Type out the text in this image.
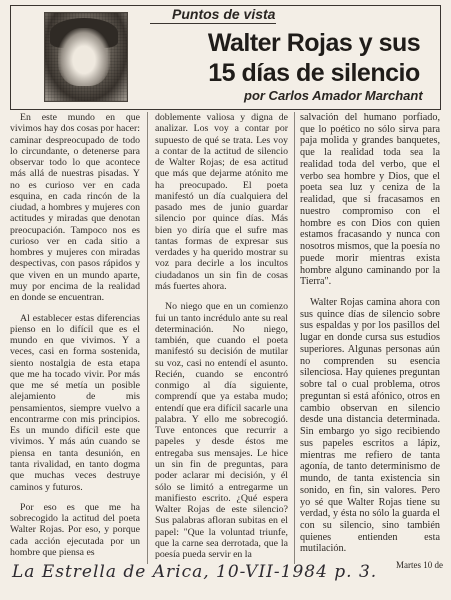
Puntos de vista
Walter Rojas y sus
15 días de silencio
por Carlos Amador Marchant

En este mundo en que vivimos hay dos cosas por hacer: caminar despreocupado de todo lo circundante, o detenerse para observar todo lo que acontece más allá de nuestras pisadas. Y no es curioso ver en cada esquina, en cada rincón de la ciudad, a hombres y mujeres con actitudes y miradas que denotan preocupación. Tampoco nos es curioso ver en cada sitio a hombres y mujeres con miradas despectivas, con pasos rápidos y que viven en un mundo aparte, muy por encima de la realidad en donde se encuentran.

Al establecer estas diferencias pienso en lo difícil que es el mundo en que vivimos. Y a veces, casi en forma sostenida, siento nostalgia de esta etapa que me ha tocado vivir. Por más que me sé metía un posible alejamiento de mis pensamientos, siempre vuelvo a encontrarme con mis principios. Es un mundo difícil este que vivimos. Y más aún cuando se piensa en tanta desunión, en tanta rivalidad, en tanto dogma que muchas veces destruye caminos y futuros.

Por eso es que me ha sobrecogido la actitud del poeta Walter Rojas. Por eso, y porque cada acción ejecutada por un hombre que piensa es

doblemente valiosa y digna de analizar. Los voy a contar por supuesto de qué se trata. Les voy a contar de la actitud de silencio de Walter Rojas; de esa actitud que más que dejarme atónito me ha preocupado. El poeta manifestó un día cualquiera del pasado mes de junio guardar silencio por quince días. Más bien yo diría que el sufre mas tantas formas de expresar sus verdades y ha querido mostrar su voz para decirle a los incultos ciudadanos un sin fin de cosas más fuertes ahora.

No niego que en un comienzo fui un tanto incrédulo ante su real determinación. No niego, también, que cuando el poeta manifestó su decisión de mutilar su voz, casi no entendí el asunto. Recién, cuando se encontró conmigo al día siguiente, comprendí que ya estaba mudo; entendí que era difícil sacarle una palabra. Y ello me sobrecogió. Tuve entonces que recurrir a papeles y desde éstos me entregaba sus mensajes. Le hice un sin fin de preguntas, para poder aclarar mi decisión, y él sólo se limitó a entregarme un manifiesto escrito. ¿Qué espera Walter Rojas de este silencio? Sus palabras afloran subitas en el papel: "Que la voluntad triunfe, que la carne sea derrotada, que la poesía pueda servir en la

salvación del humano porfiado, que lo poético no sólo sirva para paja molida y grandes banquetes, que la realidad toda sea la realidad toda del verbo, que el verbo sea hombre y Dios, que el poeta sea luz y ceniza de la realidad, que si fracasamos en nuestro compromiso con el hombre es con Dios con quien estamos fracasando y nunca con nosotros mismos, que la poesía no puede morir mientras exista hombre alguno caminando por la Tierra".

Walter Rojas camina ahora con sus quince días de silencio sobre sus espaldas y por los pasillos del lugar en donde cursa sus estudios superiores. Algunas personas aún no comprenden su esencia silenciosa. Hay quienes preguntan sobre tal o cual problema, otros preguntan si está afónico, otros en cambio observan en silencio desde una distancia determinada. Sin embargo yo sigo recibiendo sus papeles escritos a lápiz, mientras me refiero de tanta agonía, de tanto determinismo de mundo, de tanta existencia sin sonido, en fin, sin valores. Pero yo sé que Walter Rojas tiene su verdad, y ésta no sólo la guarda el con su silencio, sino también quienes entienden esta mutilación.

Martes 10 de
La Estrella de Arica, 10-VII-1984 p. 3.
